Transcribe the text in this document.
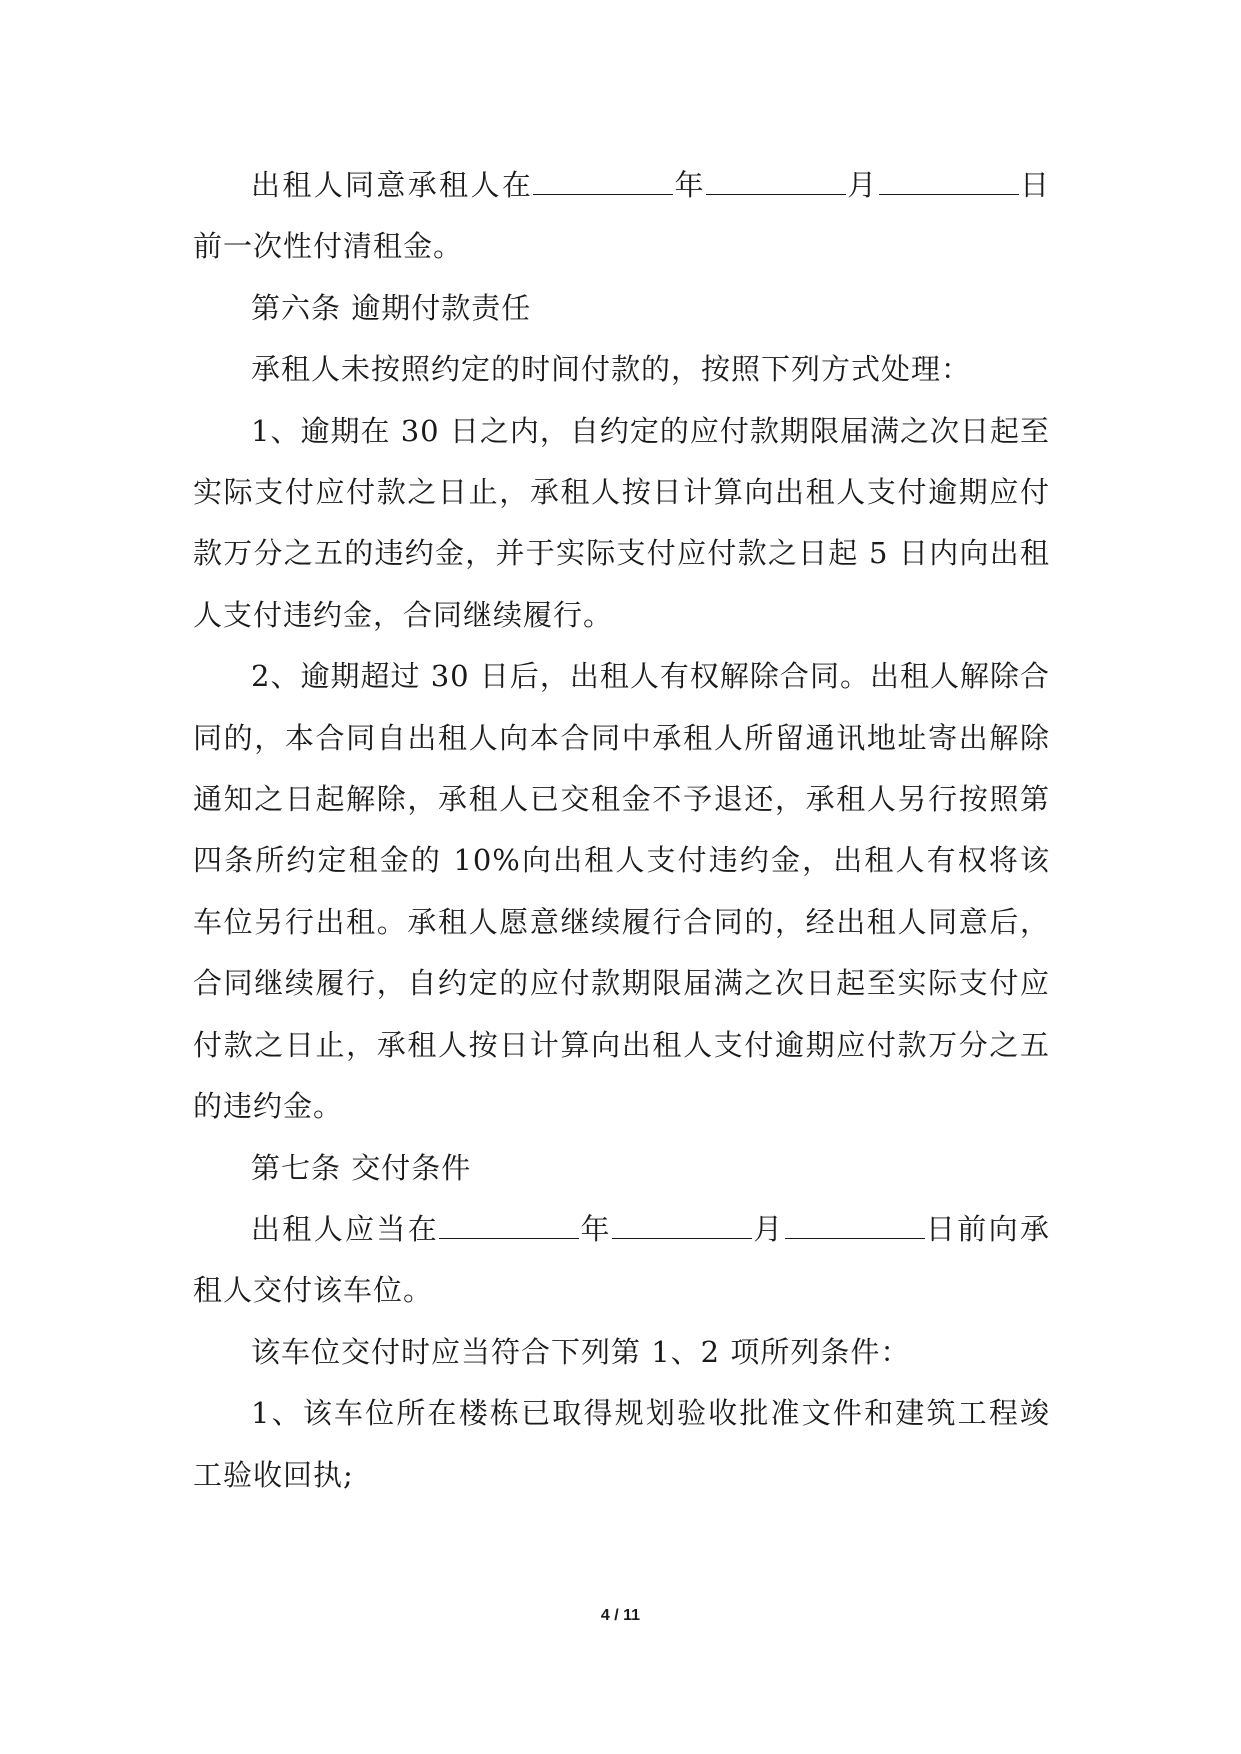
出租人同意承租人在	年	月	日前一次性付清租金。

第六条 逾期付款责任

承租人未按照约定的时间付款的，按照下列方式处理：

1、逾期在 30 日之内，自约定的应付款期限届满之次日起至实际支付应付款之日止，承租人按日计算向出租人支付逾期应付款万分之五的违约金，并于实际支付应付款之日起 5 日内向出租人支付违约金，合同继续履行。

2、逾期超过 30 日后，出租人有权解除合同。出租人解除合同的，本合同自出租人向本合同中承租人所留通讯地址寄出解除通知之日起解除，承租人已交租金不予退还，承租人另行按照第四条所约定租金的 10%向出租人支付违约金，出租人有权将该车位另行出租。承租人愿意继续履行合同的，经出租人同意后，合同继续履行，自约定的应付款期限届满之次日起至实际支付应付款之日止，承租人按日计算向出租人支付逾期应付款万分之五的违约金。

第七条 交付条件

出租人应当在	年	月	日前向承租人交付该车位。

该车位交付时应当符合下列第 1、2 项所列条件：

1、该车位所在楼栋已取得规划验收批准文件和建筑工程竣工验收回执;

4 / 11
